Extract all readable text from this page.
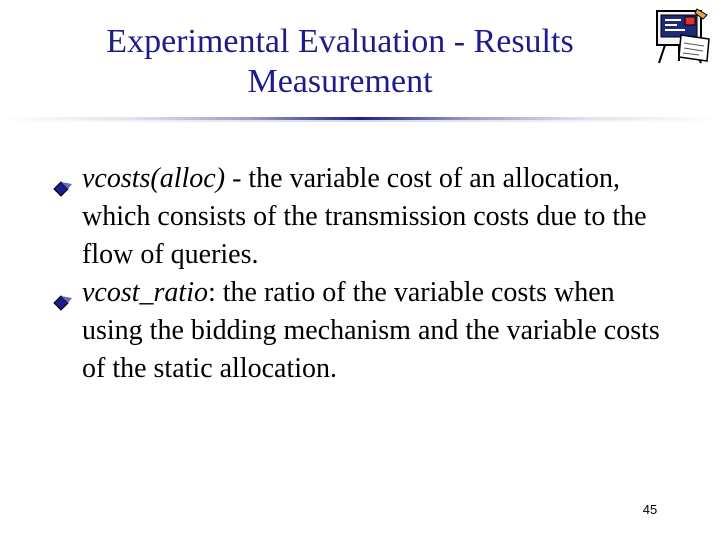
Experimental Evaluation - Results
Measurement
vcosts(alloc) - the variable cost of an allocation, which consists of the transmission costs due to the flow of queries.
vcost_ratio: the ratio of the variable costs when using the bidding mechanism and the variable costs of the static allocation.
45
